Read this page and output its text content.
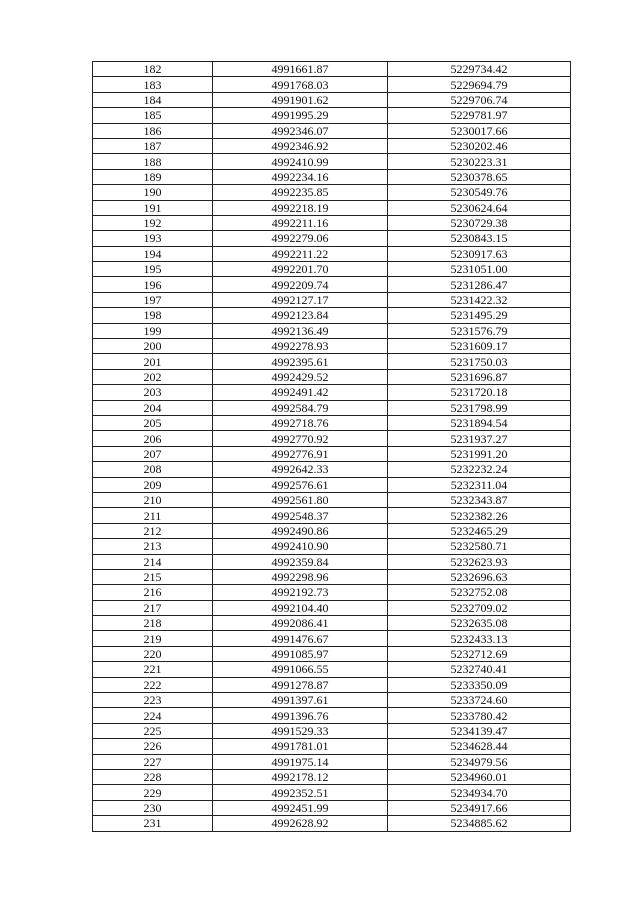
182	4991661.87	5229734.42
183	4991768.03	5229694.79
184	4991901.62	5229706.74
185	4991995.29	5229781.97
186	4992346.07	5230017.66
187	4992346.92	5230202.46
188	4992410.99	5230223.31
189	4992234.16	5230378.65
190	4992235.85	5230549.76
191	4992218.19	5230624.64
192	4992211.16	5230729.38
193	4992279.06	5230843.15
194	4992211.22	5230917.63
195	4992201.70	5231051.00
196	4992209.74	5231286.47
197	4992127.17	5231422.32
198	4992123.84	5231495.29
199	4992136.49	5231576.79
200	4992278.93	5231609.17
201	4992395.61	5231750.03
202	4992429.52	5231696.87
203	4992491.42	5231720.18
204	4992584.79	5231798.99
205	4992718.76	5231894.54
206	4992770.92	5231937.27
207	4992776.91	5231991.20
208	4992642.33	5232232.24
209	4992576.61	5232311.04
210	4992561.80	5232343.87
211	4992548.37	5232382.26
212	4992490.86	5232465.29
213	4992410.90	5232580.71
214	4992359.84	5232623.93
215	4992298.96	5232696.63
216	4992192.73	5232752.08
217	4992104.40	5232709.02
218	4992086.41	5232635.08
219	4991476.67	5232433.13
220	4991085.97	5232712.69
221	4991066.55	5232740.41
222	4991278.87	5233350.09
223	4991397.61	5233724.60
224	4991396.76	5233780.42
225	4991529.33	5234139.47
226	4991781.01	5234628.44
227	4991975.14	5234979.56
228	4992178.12	5234960.01
229	4992352.51	5234934.70
230	4992451.99	5234917.66
231	4992628.92	5234885.62
